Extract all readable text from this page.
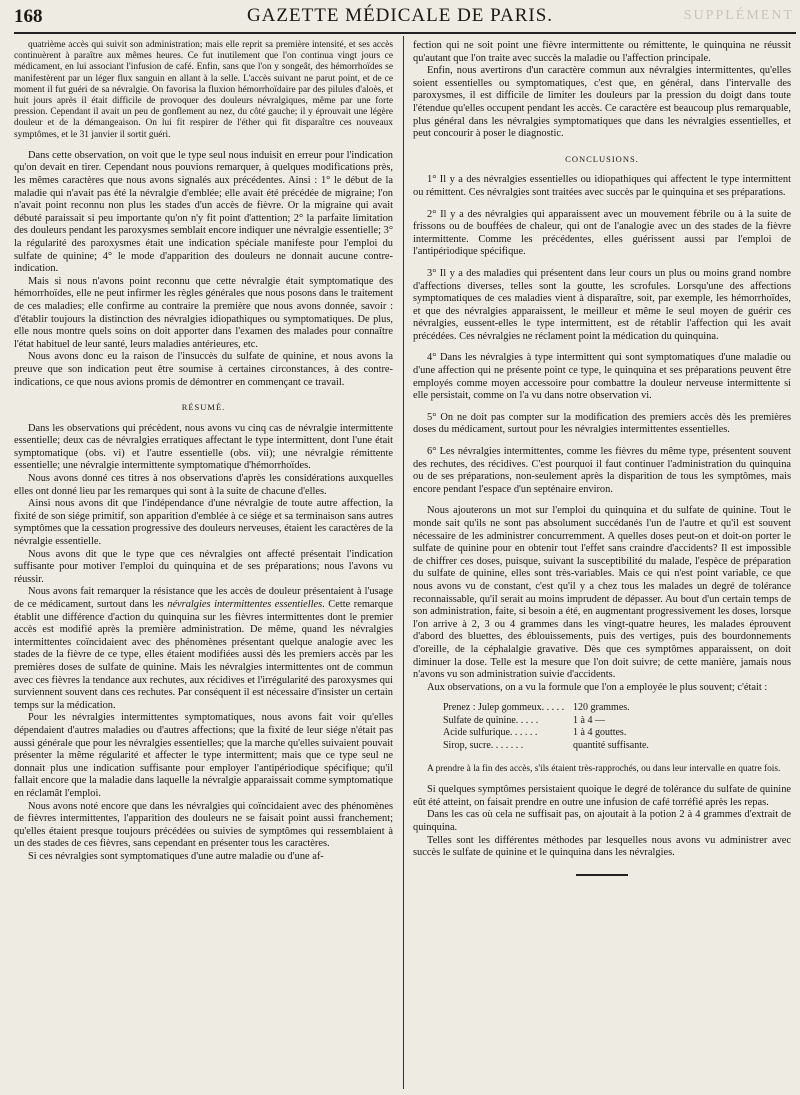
168	GAZETTE MÉDICALE DE PARIS.	SUPPLÉMENT

quatrième accès qui suivit son administration; mais elle reprit sa première intensité, et ses accès continuèrent à paraître aux mêmes heures. Ce fut inutilement que l'on continua vingt jours ce médicament, en lui associant l'infusion de café. Enfin, sans que l'on y songeât, des hémorrhoïdes se manifestèrent par un léger flux sanguin en allant à la selle. L'accès suivant ne parut point, et de ce moment il fut guéri de sa névralgie. On favorisa la fluxion hémorrhoïdaire par des pilules d'aloès, et huit jours après il était difficile de provoquer des douleurs névralgiques, même par une forte pression. Cependant il avait un peu de gonflement au nez, du côté gauche; il y éprouvait une légère douleur et de la démangeaison. On lui fit respirer de l'éther qui fit disparaître ces nouveaux symptômes, et le 31 janvier il sortit guéri.

Dans cette observation, on voit que le type seul nous induisit en erreur pour l'indication qu'on devait en tirer. Cependant nous pouvions remarquer, à quelques modifications près, les mêmes caractères que nous avons signalés aux précédentes. Ainsi : 1° le début de la maladie qui n'avait pas été la névralgie d'emblée; elle avait été précédée de migraine; l'on n'avait point reconnu non plus les stades d'un accès de fièvre. Or la migraine qui avait débuté paraissait si peu importante qu'on n'y fit point d'attention; 2° la parfaite limitation des douleurs pendant les paroxysmes semblait encore indiquer une névralgie essentielle; 3° la régularité des paroxysmes était une indication spéciale manifeste pour l'emploi du sulfate de quinine; 4° le mode d'apparition des douleurs ne donnait aucune contre-indication.

Mais si nous n'avons point reconnu que cette névralgie était symptomatique des hémorrhoïdes, elle ne peut infirmer les règles générales que nous posons dans le traitement de ces maladies; elle confirme au contraire la première que nous avons donnée, savoir : d'établir toujours la distinction des névralgies idiopathiques ou symptomatiques. De plus, elle nous montre quels soins on doit apporter dans l'examen des malades pour connaître l'état habituel de leur santé, leurs maladies antérieures, etc.

Nous avons donc eu la raison de l'insuccès du sulfate de quinine, et nous avons la preuve que son indication peut être soumise à certaines circonstances, à des contre-indications, ce que nous avions promis de démontrer en commençant ce travail.

RÉSUMÉ.

Dans les observations qui précèdent, nous avons vu cinq cas de névralgie intermittente essentielle; deux cas de névralgies erratiques affectant le type intermittent, dont l'une était symptomatique (obs. vi) et l'autre essentielle (obs. vii); une névralgie rémittente essentielle; une névralgie intermittente symptomatique d'hémorrhoïdes.

Nous avons donné ces titres à nos observations d'après les considérations auxquelles elles ont donné lieu par les remarques qui sont à la suite de chacune d'elles.

Ainsi nous avons dit que l'indépendance d'une névralgie de toute autre affection, la fixité de son siége primitif, son apparition d'emblée à ce siége et sa terminaison sans autres symptômes que la cessation progressive des douleurs nerveuses, étaient les caractères de la névralgie essentielle.

Nous avons dit que le type que ces névralgies ont affecté présentait l'indication suffisante pour motiver l'emploi du quinquina et de ses préparations; nous l'avons vu réussir.

Nous avons fait remarquer la résistance que les accès de douleur présentaient à l'usage de ce médicament, surtout dans les névralgies intermittentes essentielles. Cette remarque établit une différence d'action du quinquina sur les fièvres intermittentes dont le premier accès est modifié après la première administration. De même, quand les névralgies intermittentes coïncidaient avec des phénomènes présentant quelque analogie avec les stades de la fièvre de ce type, elles étaient modifiées aussi dès les premiers accès par les premières doses de sulfate de quinine. Mais les névralgies intermittentes ont de commun avec ces fièvres la tendance aux rechutes, aux récidives et l'irrégularité des paroxysmes qui surviennent souvent dans ces rechutes. Par conséquent il est nécessaire d'insister un certain temps sur la médication.

Pour les névralgies intermittentes symptomatiques, nous avons fait voir qu'elles dépendaient d'autres maladies ou d'autres affections; que la fixité de leur siége n'était pas aussi générale que pour les névralgies essentielles; que la marche qu'elles suivaient pouvait présenter la même régularité et affecter le type intermittent; mais que ce type seul ne donnait plus une indication suffisante pour employer l'antipériodique spécifique; qu'il fallait encore que la maladie dans laquelle la névralgie apparaissait comme symptomatique en réclamât l'emploi.

Nous avons noté encore que dans les névralgies qui coïncidaient avec des phénomènes de fièvres intermittentes, l'apparition des douleurs ne se faisait point aussi franchement; qu'elles étaient presque toujours précédées ou suivies de symptômes qui ressemblaient à un des stades de ces fièvres, sans cependant en présenter tous les caractères.

Si ces névralgies sont symptomatiques d'une autre maladie ou d'une af-

fection qui ne soit point une fièvre intermittente ou rémittente, le quinquina ne réussit qu'autant que l'on traite avec succès la maladie ou l'affection principale.

Enfin, nous avertirons d'un caractère commun aux névralgies intermittentes, qu'elles soient essentielles ou symptomatiques, c'est que, en général, dans l'intervalle des paroxysmes, il est difficile de limiter les douleurs par la pression du doigt dans toute l'étendue qu'elles occupent pendant les accès. Ce caractère est beaucoup plus remarquable, plus général dans les névralgies symptomatiques que dans les névralgies essentielles, et peut concourir à poser le diagnostic.

CONCLUSIONS.

1° Il y a des névralgies essentielles ou idiopathiques qui affectent le type intermittent ou rémittent. Ces névralgies sont traitées avec succès par le quinquina et ses préparations.

2° Il y a des névralgies qui apparaissent avec un mouvement fébrile ou à la suite de frissons ou de bouffées de chaleur, qui ont de l'analogie avec un des stades de la fièvre intermittente. Comme les précédentes, elles guérissent aussi par l'emploi de l'antipériodique spécifique.

3° Il y a des maladies qui présentent dans leur cours un plus ou moins grand nombre d'affections diverses, telles sont la goutte, les scrofules. Lorsqu'une des affections symptomatiques de ces maladies vient à disparaître, soit, par exemple, les hémorrhoïdes, et que des névralgies apparaissent, le meilleur et même le seul moyen de guérir ces névralgies, eussent-elles le type intermittent, est de rétablir l'affection qui les avait précédées. Ces névralgies ne réclament point la médication du quinquina.

4° Dans les névralgies à type intermittent qui sont symptomatiques d'une maladie ou d'une affection qui ne présente point ce type, le quinquina et ses préparations peuvent être employés comme moyen accessoire pour combattre la douleur nerveuse intermittente si elle persistait, comme on l'a vu dans notre observation vi.

5° On ne doit pas compter sur la modification des premiers accès dès les premières doses du médicament, surtout pour les névralgies intermittentes essentielles.

6° Les névralgies intermittentes, comme les fièvres du même type, présentent souvent des rechutes, des récidives. C'est pourquoi il faut continuer l'administration du quinquina ou de ses préparations, non-seulement après la disparition de tous les symptômes, mais encore pendant l'espace d'un septénaire environ.

Nous ajouterons un mot sur l'emploi du quinquina et du sulfate de quinine. Tout le monde sait qu'ils ne sont pas absolument succédanés l'un de l'autre et qu'il est souvent nécessaire de les administrer concurremment. A quelles doses peut-on et doit-on porter le sulfate de quinine pour en obtenir tout l'effet sans craindre d'accidents? Il est impossible de chiffrer ces doses, puisque, suivant la susceptibilité du malade, l'espèce de préparation du sulfate de quinine, elles sont très-variables. Mais ce qui n'est point variable, ce que nous avons vu de constant, c'est qu'il y a chez tous les malades un degré de tolérance reconnaissable, qu'il serait au moins imprudent de dépasser. Au bout d'un certain temps de son administration, faite, si besoin a été, en augmentant progressivement les doses, lorsque l'on arrive à 2, 3 ou 4 grammes dans les vingt-quatre heures, les malades éprouvent d'abord des bluettes, des éblouissements, puis des vertiges, puis des bourdonnements d'oreille, de la céphalalgie gravative. Dès que ces symptômes apparaissent, on doit diminuer la dose. Telle est la mesure que l'on doit suivre; de cette manière, jamais nous n'avons vu son administration suivie d'accidents.

Aux observations, on a vu la formule que l'on a employée le plus souvent; c'était :

Prenez : Julep gommeux. . . . . 120 grammes.
Sulfate de quinine. . . . .	1 à 4 —
Acide sulfurique. . . . . .	1 à 4 gouttes.
Sirop, sucre. . . . . . .	quantité suffisante.

A prendre à la fin des accès, s'ils étaient très-rapprochés, ou dans leur intervalle en quatre fois.

Si quelques symptômes persistaient quoique le degré de tolérance du sulfate de quinine eût été atteint, on faisait prendre en outre une infusion de café torréfié après les repas.

Dans les cas où cela ne suffisait pas, on ajoutait à la potion 2 à 4 grammes d'extrait de quinquina.

Telles sont les différentes méthodes par lesquelles nous avons vu administrer avec succès le sulfate de quinine et le quinquina dans les névralgies.
